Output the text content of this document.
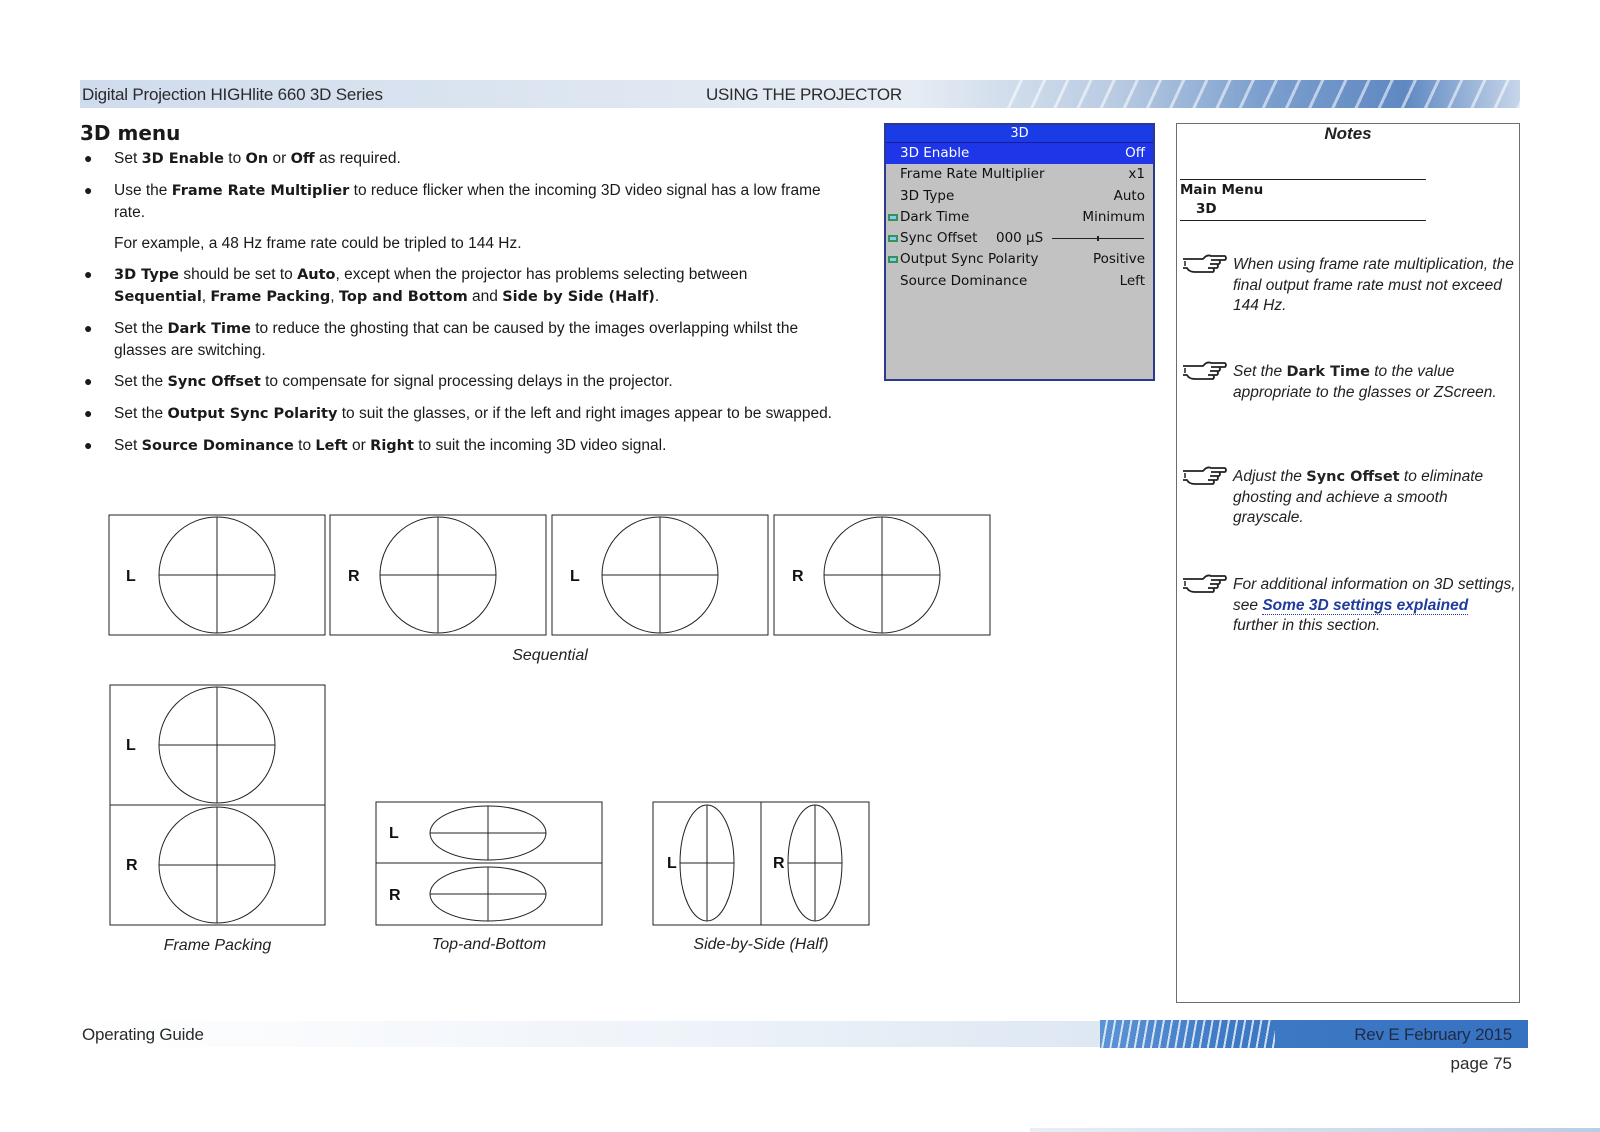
Digital Projection HIGHlite 660 3D Series	USING THE PROJECTOR
3D menu
● Set 3D Enable to On or Off as required.
● Use the Frame Rate Multiplier to reduce flicker when the incoming 3D video signal has a low frame rate.
For example, a 48 Hz frame rate could be tripled to 144 Hz.
● 3D Type should be set to Auto, except when the projector has problems selecting between Sequential, Frame Packing, Top and Bottom and Side by Side (Half).
● Set the Dark Time to reduce the ghosting that can be caused by the images overlapping whilst the glasses are switching.
● Set the Sync Offset to compensate for signal processing delays in the projector.
● Set the Output Sync Polarity to suit the glasses, or if the left and right images appear to be swapped.
● Set Source Dominance to Left or Right to suit the incoming 3D video signal.
3D
3D Enable	Off
Frame Rate Multiplier	x1
3D Type	Auto
Dark Time	Minimum
Sync Offset 000 µS
Output Sync Polarity	Positive
Source Dominance	Left
Notes
Main Menu
3D
When using frame rate multiplication, the final output frame rate must not exceed 144 Hz.
Set the Dark Time to the value appropriate to the glasses or ZScreen.
Adjust the Sync Offset to eliminate ghosting and achieve a smooth grayscale.
For additional information on 3D settings, see Some 3D settings explained further in this section.
L	R	L	R
L
R
L
R
L	R
Sequential
Frame Packing	Top-and-Bottom	Side-by-Side (Half)
Operating Guide	Rev E February 2015
page 75
